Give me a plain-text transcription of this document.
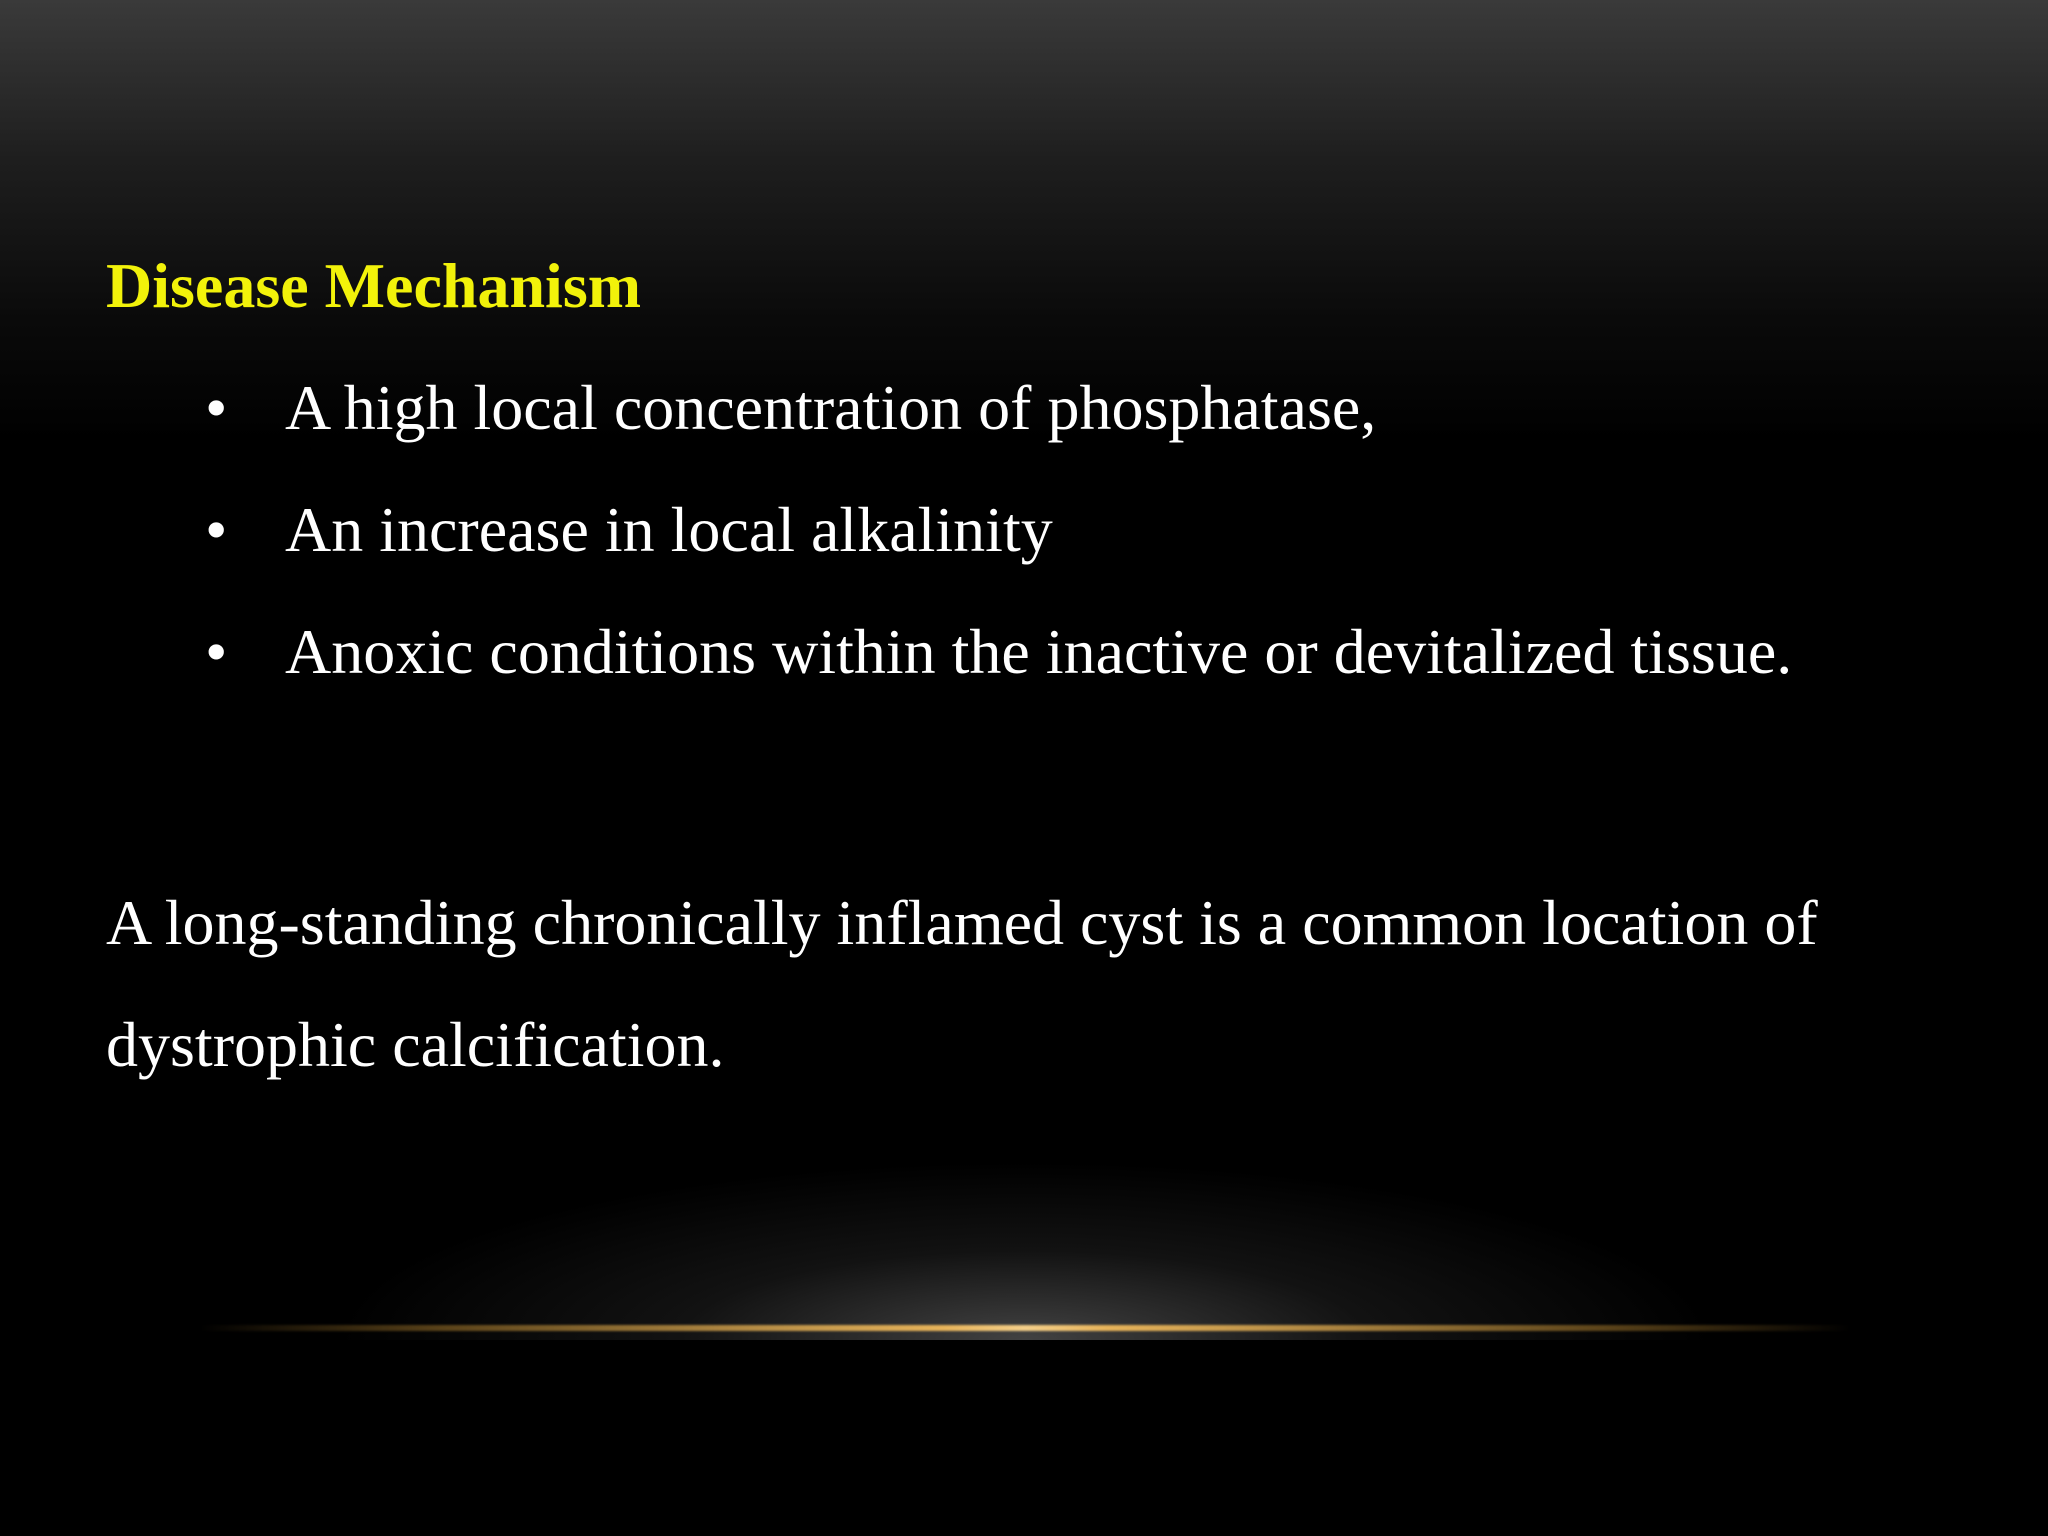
Disease Mechanism
• A high local concentration of phosphatase,
• An increase in local alkalinity
• Anoxic conditions within the inactive or devitalized tissue.

A long-standing chronically inflamed cyst is a common location of dystrophic calcification.
